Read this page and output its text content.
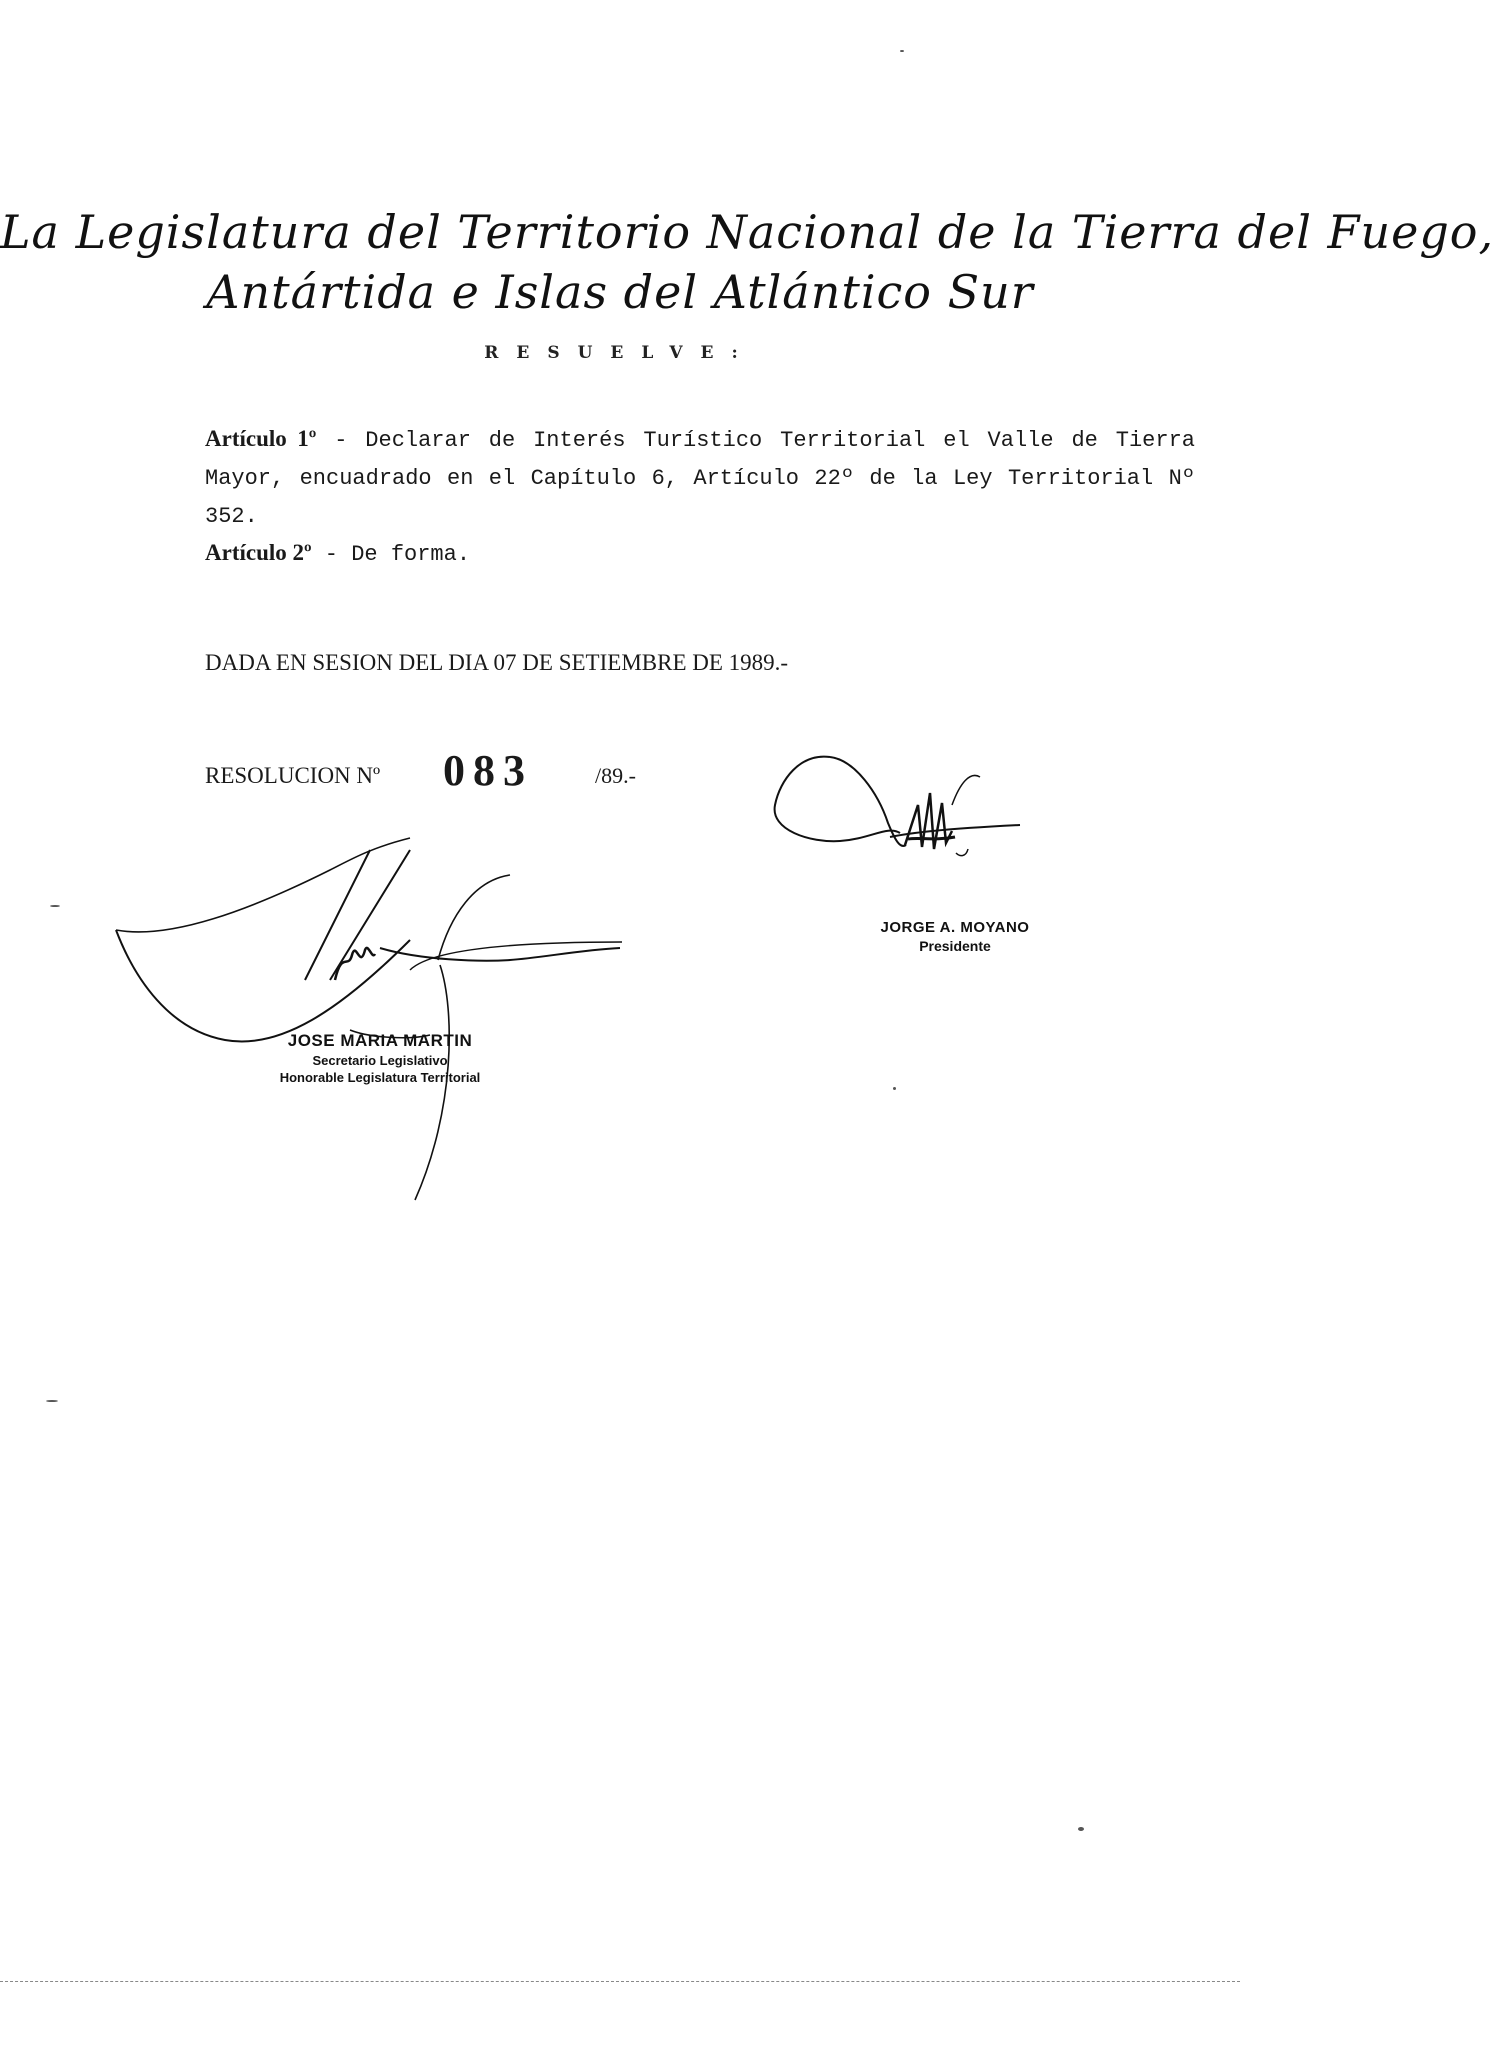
La Legislatura del Territorio Nacional de la Tierra del Fuego,
Antártida e Islas del Atlántico Sur
RESUELVE:
Artículo 1º - Declarar de Interés Turístico Territorial el Valle de Tierra Mayor, encuadrado en el Capítulo 6, Artículo 22º de la Ley Territorial Nº 352.
Artículo 2º - De forma.
DADA EN SESION DEL DIA 07 DE SETIEMBRE DE 1989.-
RESOLUCION Nº 083	/89.-
JORGE A. MOYANO
Presidente
JOSE MARIA MARTIN
Secretario Legislativo
Honorable Legislatura Territorial
